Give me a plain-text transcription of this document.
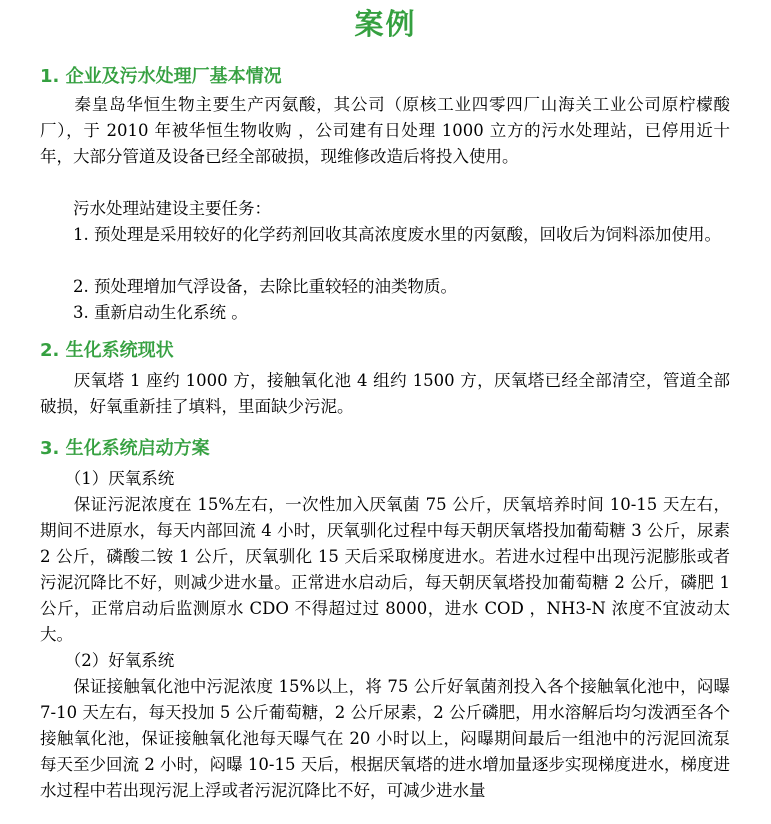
案例
1. 企业及污水处理厂基本情况
　　秦皇岛华恒生物主要生产丙氨酸，其公司（原核工业四零四厂山海关工业公司原柠檬酸厂），于 2010 年被华恒生物收购 ，公司建有日处理 1000 立方的污水处理站，已停用近十年，大部分管道及设备已经全部破损，现维修改造后将投入使用。
　　污水处理站建设主要任务：
　　1. 预处理是采用较好的化学药剂回收其高浓度废水里的丙氨酸，回收后为饲料添加使用。
　　2. 预处理增加气浮设备，去除比重较轻的油类物质。
　　3. 重新启动生化系统 。
2. 生化系统现状
　　厌氧塔 1 座约 1000 方，接触氧化池 4 组约 1500 方，厌氧塔已经全部清空，管道全部破损，好氧重新挂了填料，里面缺少污泥。
3. 生化系统启动方案
　　（1）厌氧系统
　　保证污泥浓度在 15%左右，一次性加入厌氧菌 75 公斤，厌氧培养时间 10-15 天左右，期间不进原水，每天内部回流 4 小时，厌氧驯化过程中每天朝厌氧塔投加葡萄糖 3 公斤，尿素 2 公斤，磷酸二铵 1 公斤，厌氧驯化 15 天后采取梯度进水。若进水过程中出现污泥膨胀或者污泥沉降比不好，则减少进水量。正常进水启动后，每天朝厌氧塔投加葡萄糖 2 公斤，磷肥 1 公斤，正常启动后监测原水 CDO 不得超过过 8000，进水 COD ，NH3-N 浓度不宜波动太大。
　　（2）好氧系统
　　保证接触氧化池中污泥浓度 15%以上，将 75 公斤好氧菌剂投入各个接触氧化池中，闷曝 7-10 天左右，每天投加 5 公斤葡萄糖，2 公斤尿素，2 公斤磷肥，用水溶解后均匀泼洒至各个接触氧化池，保证接触氧化池每天曝气在 20 小时以上，闷曝期间最后一组池中的污泥回流泵每天至少回流 2 小时，闷曝 10-15 天后，根据厌氧塔的进水增加量逐步实现梯度进水，梯度进水过程中若出现污泥上浮或者污泥沉降比不好，可减少进水量
